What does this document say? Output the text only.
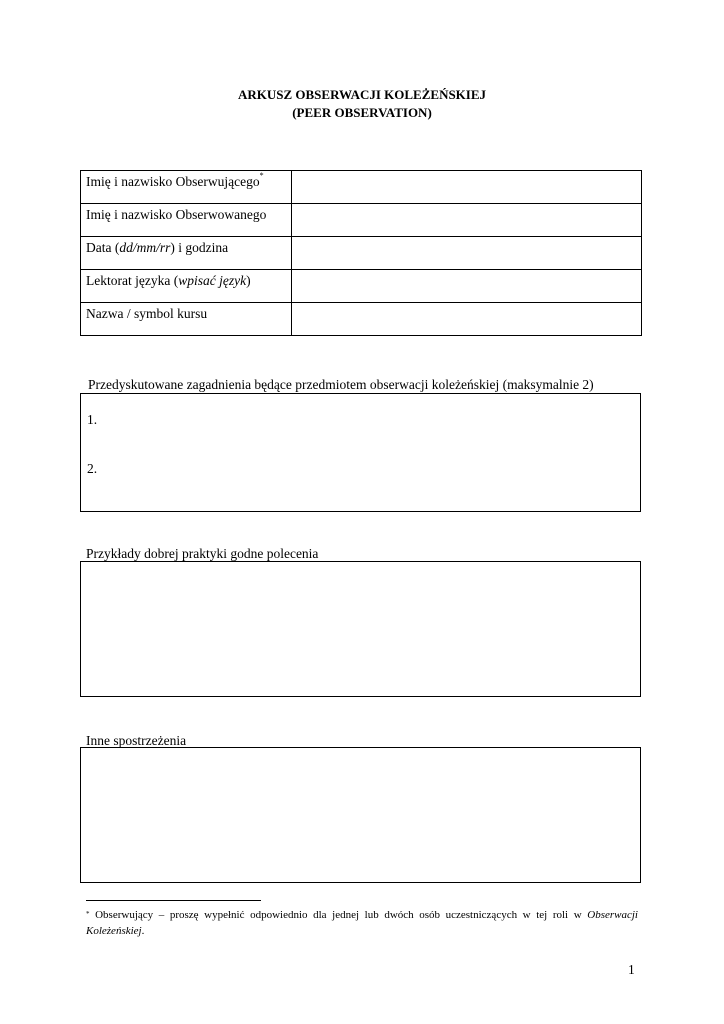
ARKUSZ OBSERWACJI KOLEŻEŃSKIEJ
(PEER OBSERVATION)
Imię i nazwisko Obserwującego*	
Imię i nazwisko Obserwowanego	
Data (dd/mm/rr) i godzina	
Lektorat języka (wpisać język)	
Nazwa / symbol kursu	
Przedyskutowane zagadnienia będące przedmiotem obserwacji koleżeńskiej (maksymalnie 2)
1.
2.
Przykłady dobrej praktyki godne polecenia
Inne spostrzeżenia
* Obserwujący – proszę wypełnić odpowiednio dla jednej lub dwóch osób uczestniczących w tej roli w Obserwacji Koleżeńskiej.
1
